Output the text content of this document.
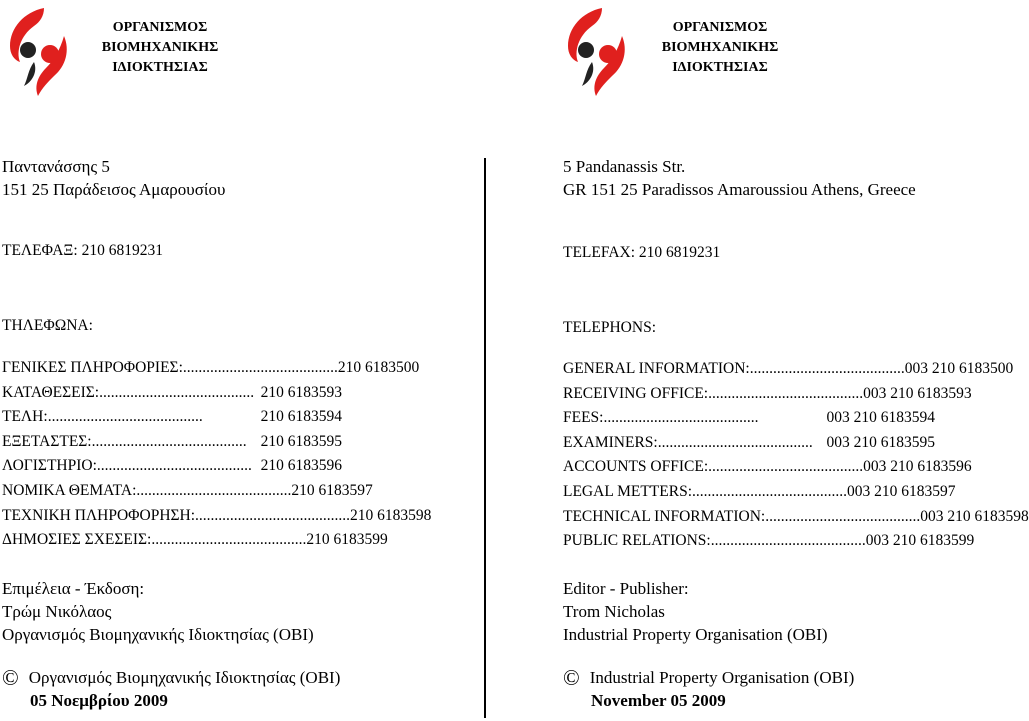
ΟΡΓΑΝΙΣΜΟΣ
ΒΙΟΜΗΧΑΝΙΚΗΣ
ΙΔΙΟΚΤΗΣΙΑΣ
ΟΡΓΑΝΙΣΜΟΣ
ΒΙΟΜΗΧΑΝΙΚΗΣ
ΙΔΙΟΚΤΗΣΙΑΣ
Παντανάσσης 5
151 25 Παράδεισος Αμαρουσίου
ΤΕΛΕΦΑΞ: 210 6819231
ΤΗΛΕΦΩΝΑ:
ΓΕΝΙΚΕΣ ΠΛΗΡΟΦΟΡΙΕΣ: ........................................ 210 6183500
ΚΑΤΑΘΕΣΕΙΣ: ........................................ 210 6183593
ΤΕΛΗ: ........................................	210 6183594
ΕΞΕΤΑΣΤΕΣ: ........................................ 210 6183595
ΛΟΓΙΣΤΗΡΙΟ: ........................................ 210 6183596
ΝΟΜΙΚΑ ΘΕΜΑΤΑ: ........................................ 210 6183597
ΤΕΧΝΙΚΗ ΠΛΗΡΟΦΟΡΗΣΗ: ........................................ 210 6183598
ΔΗΜΟΣΙΕΣ ΣΧΕΣΕΙΣ: ........................................ 210 6183599
Επιμέλεια - Έκδοση:
Τρώμ Νικόλαος
Οργανισμός Βιομηχανικής Ιδιοκτησίας (ΟΒΙ)
© Οργανισμός Βιομηχανικής Ιδιοκτησίας (ΟΒΙ)
05 Νοεμβρίου 2009
5 Pandanassis Str.
GR 151 25 Paradissos Amaroussiou Athens, Greece
TELEFAX: 210 6819231
TELEPHONS:
GENERAL INFORMATION: ........................................ 003 210 6183500
RECEIVING OFFICE: ........................................ 003 210 6183593
FEES: ........................................	003 210 6183594
EXAMINERS: ........................................ 003 210 6183595
ACCOUNTS OFFICE: ........................................ 003 210 6183596
LEGAL METTERS: ........................................ 003 210 6183597
TECHNICAL INFORMATION: ........................................ 003 210 6183598
PUBLIC RELATIONS: ........................................ 003 210 6183599
Editor - Publisher:
Trom Nicholas
Industrial Property Organisation (OBI)
© Industrial Property Organisation (OBI)
November 05 2009
